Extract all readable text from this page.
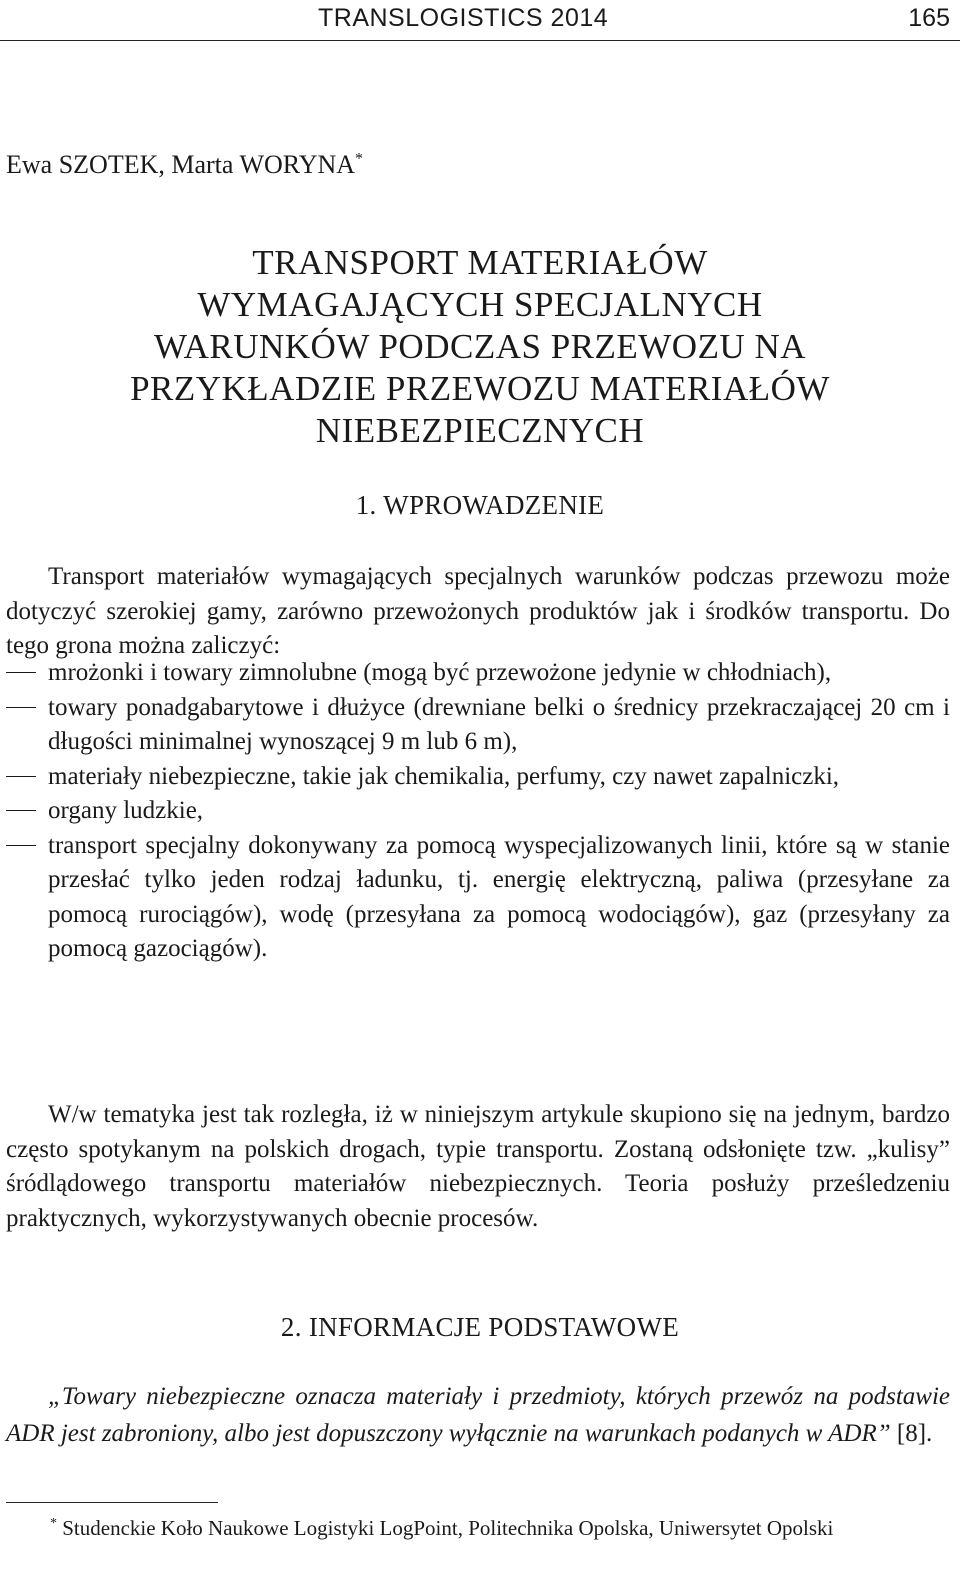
TRANSLOGISTICS 2014	165
Ewa SZOTEK, Marta WORYNA*
TRANSPORT MATERIAŁÓW
WYMAGAJĄCYCH SPECJALNYCH
WARUNKÓW PODCZAS PRZEWOZU NA
PRZYKŁADZIE PRZEWOZU MATERIAŁÓW
NIEBEZPIECZNYCH
1. WPROWADZENIE
Transport materiałów wymagających specjalnych warunków podczas przewozu może dotyczyć szerokiej gamy, zarówno przewożonych produktów jak i środków transportu. Do tego grona można zaliczyć:
mrożonki i towary zimnolubne (mogą być przewożone jedynie w chłodniach),
towary ponadgabarytowe i dłużyce (drewniane belki o średnicy przekraczającej 20 cm i długości minimalnej wynoszącej 9 m lub 6 m),
materiały niebezpieczne, takie jak chemikalia, perfumy, czy nawet zapalniczki,
organy ludzkie,
transport specjalny dokonywany za pomocą wyspecjalizowanych linii, które są w stanie przesłać tylko jeden rodzaj ładunku, tj. energię elektryczną, paliwa (przesyłane za pomocą rurociągów), wodę (przesyłana za pomocą wodociągów), gaz (przesyłany za pomocą gazociągów).
W/w tematyka jest tak rozległa, iż w niniejszym artykule skupiono się na jednym, bardzo często spotykanym na polskich drogach, typie transportu. Zostaną odsłonięte tzw. „kulisy” śródlądowego transportu materiałów niebezpiecznych. Teoria posłuży prześledzeniu praktycznych, wykorzystywanych obecnie procesów.
2. INFORMACJE PODSTAWOWE
„Towary niebezpieczne oznacza materiały i przedmioty, których przewóz na podstawie ADR jest zabroniony, albo jest dopuszczony wyłącznie na warunkach podanych w ADR” [8].
* Studenckie Koło Naukowe Logistyki LogPoint, Politechnika Opolska, Uniwersytet Opolski
